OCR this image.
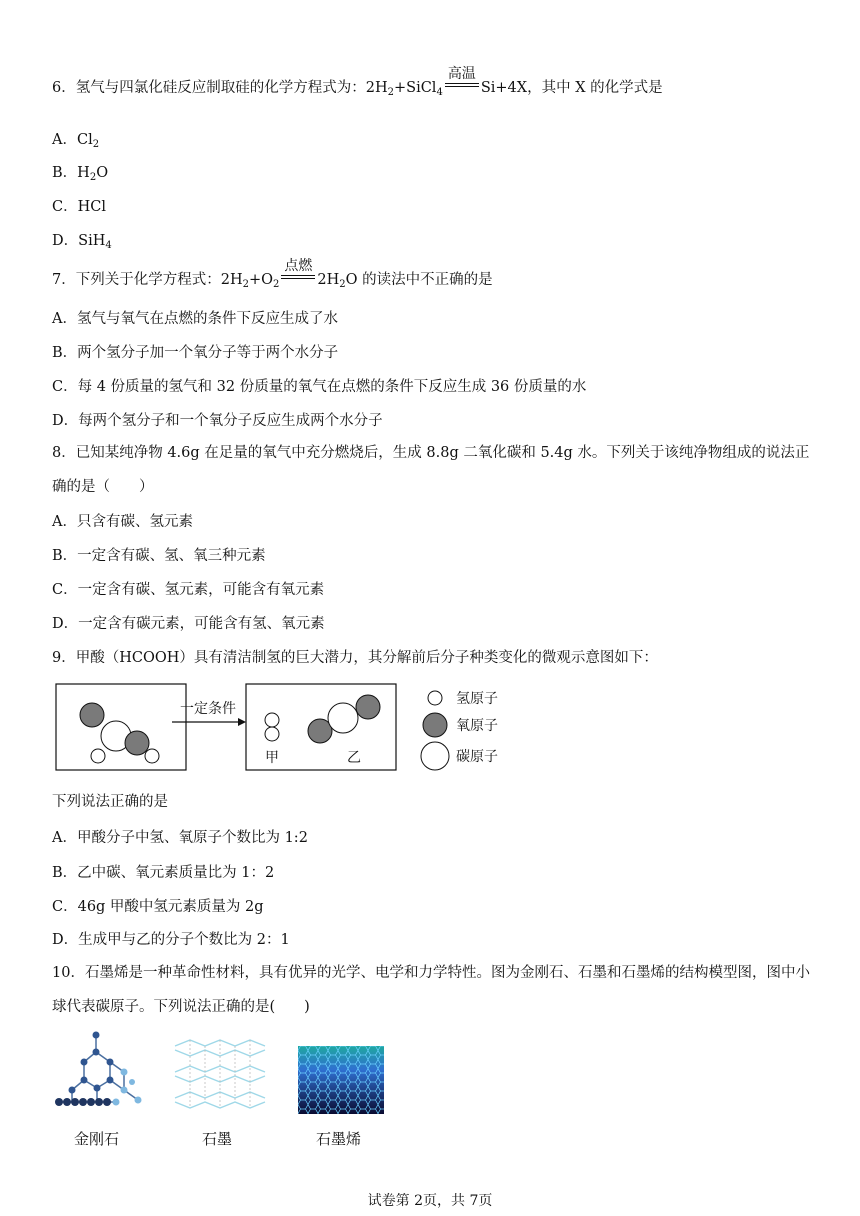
6．氢气与四氯化硅反应制取硅的化学方程式为：$2H_2+SiCl_4$
高温
Si+4X，其中 X 的化学式是
A．$Cl_2$
B．$H_2O$
C．HCl
D．SiH$_4$
7．下列关于化学方程式：$2H_2+O_2$
点燃
$2H_2O$ 的读法中不正确的是
A．氢气与氧气在点燃的条件下反应生成了水
B．两个氢分子加一个氧分子等于两个水分子
C．每 4 份质量的氢气和 32 份质量的氧气在点燃的条件下反应生成 36 份质量的水
D．每两个氢分子和一个氧分子反应生成两个水分子
8．已知某纯净物 4.6g 在足量的氧气中充分燃烧后，生成 8.8g 二氧化碳和 5.4g 水。下列关于该纯净物组成的说法正确的是（　　）
A．只含有碳、氢元素
B．一定含有碳、氢、氧三种元素
C．一定含有碳、氢元素，可能含有氧元素
D．一定含有碳元素，可能含有氢、氧元素
9．甲酸（HCOOH）具有清洁制氢的巨大潜力，其分解前后分子种类变化的微观示意图如下：
一定条件
甲	乙
氢原子
氧原子
碳原子
下列说法正确的是
A．甲酸分子中氢、氧原子个数比为 1:2
B．乙中碳、氧元素质量比为 1：2
C．46g 甲酸中氢元素质量为 2g
D．生成甲与乙的分子个数比为 2：1
10．石墨烯是一种革命性材料，具有优异的光学、电学和力学特性。图为金刚石、石墨和石墨烯的结构模型图，图中小球代表碳原子。下列说法正确的是(　　)
金刚石	石墨	石墨烯
试卷第 2页，共 7页
